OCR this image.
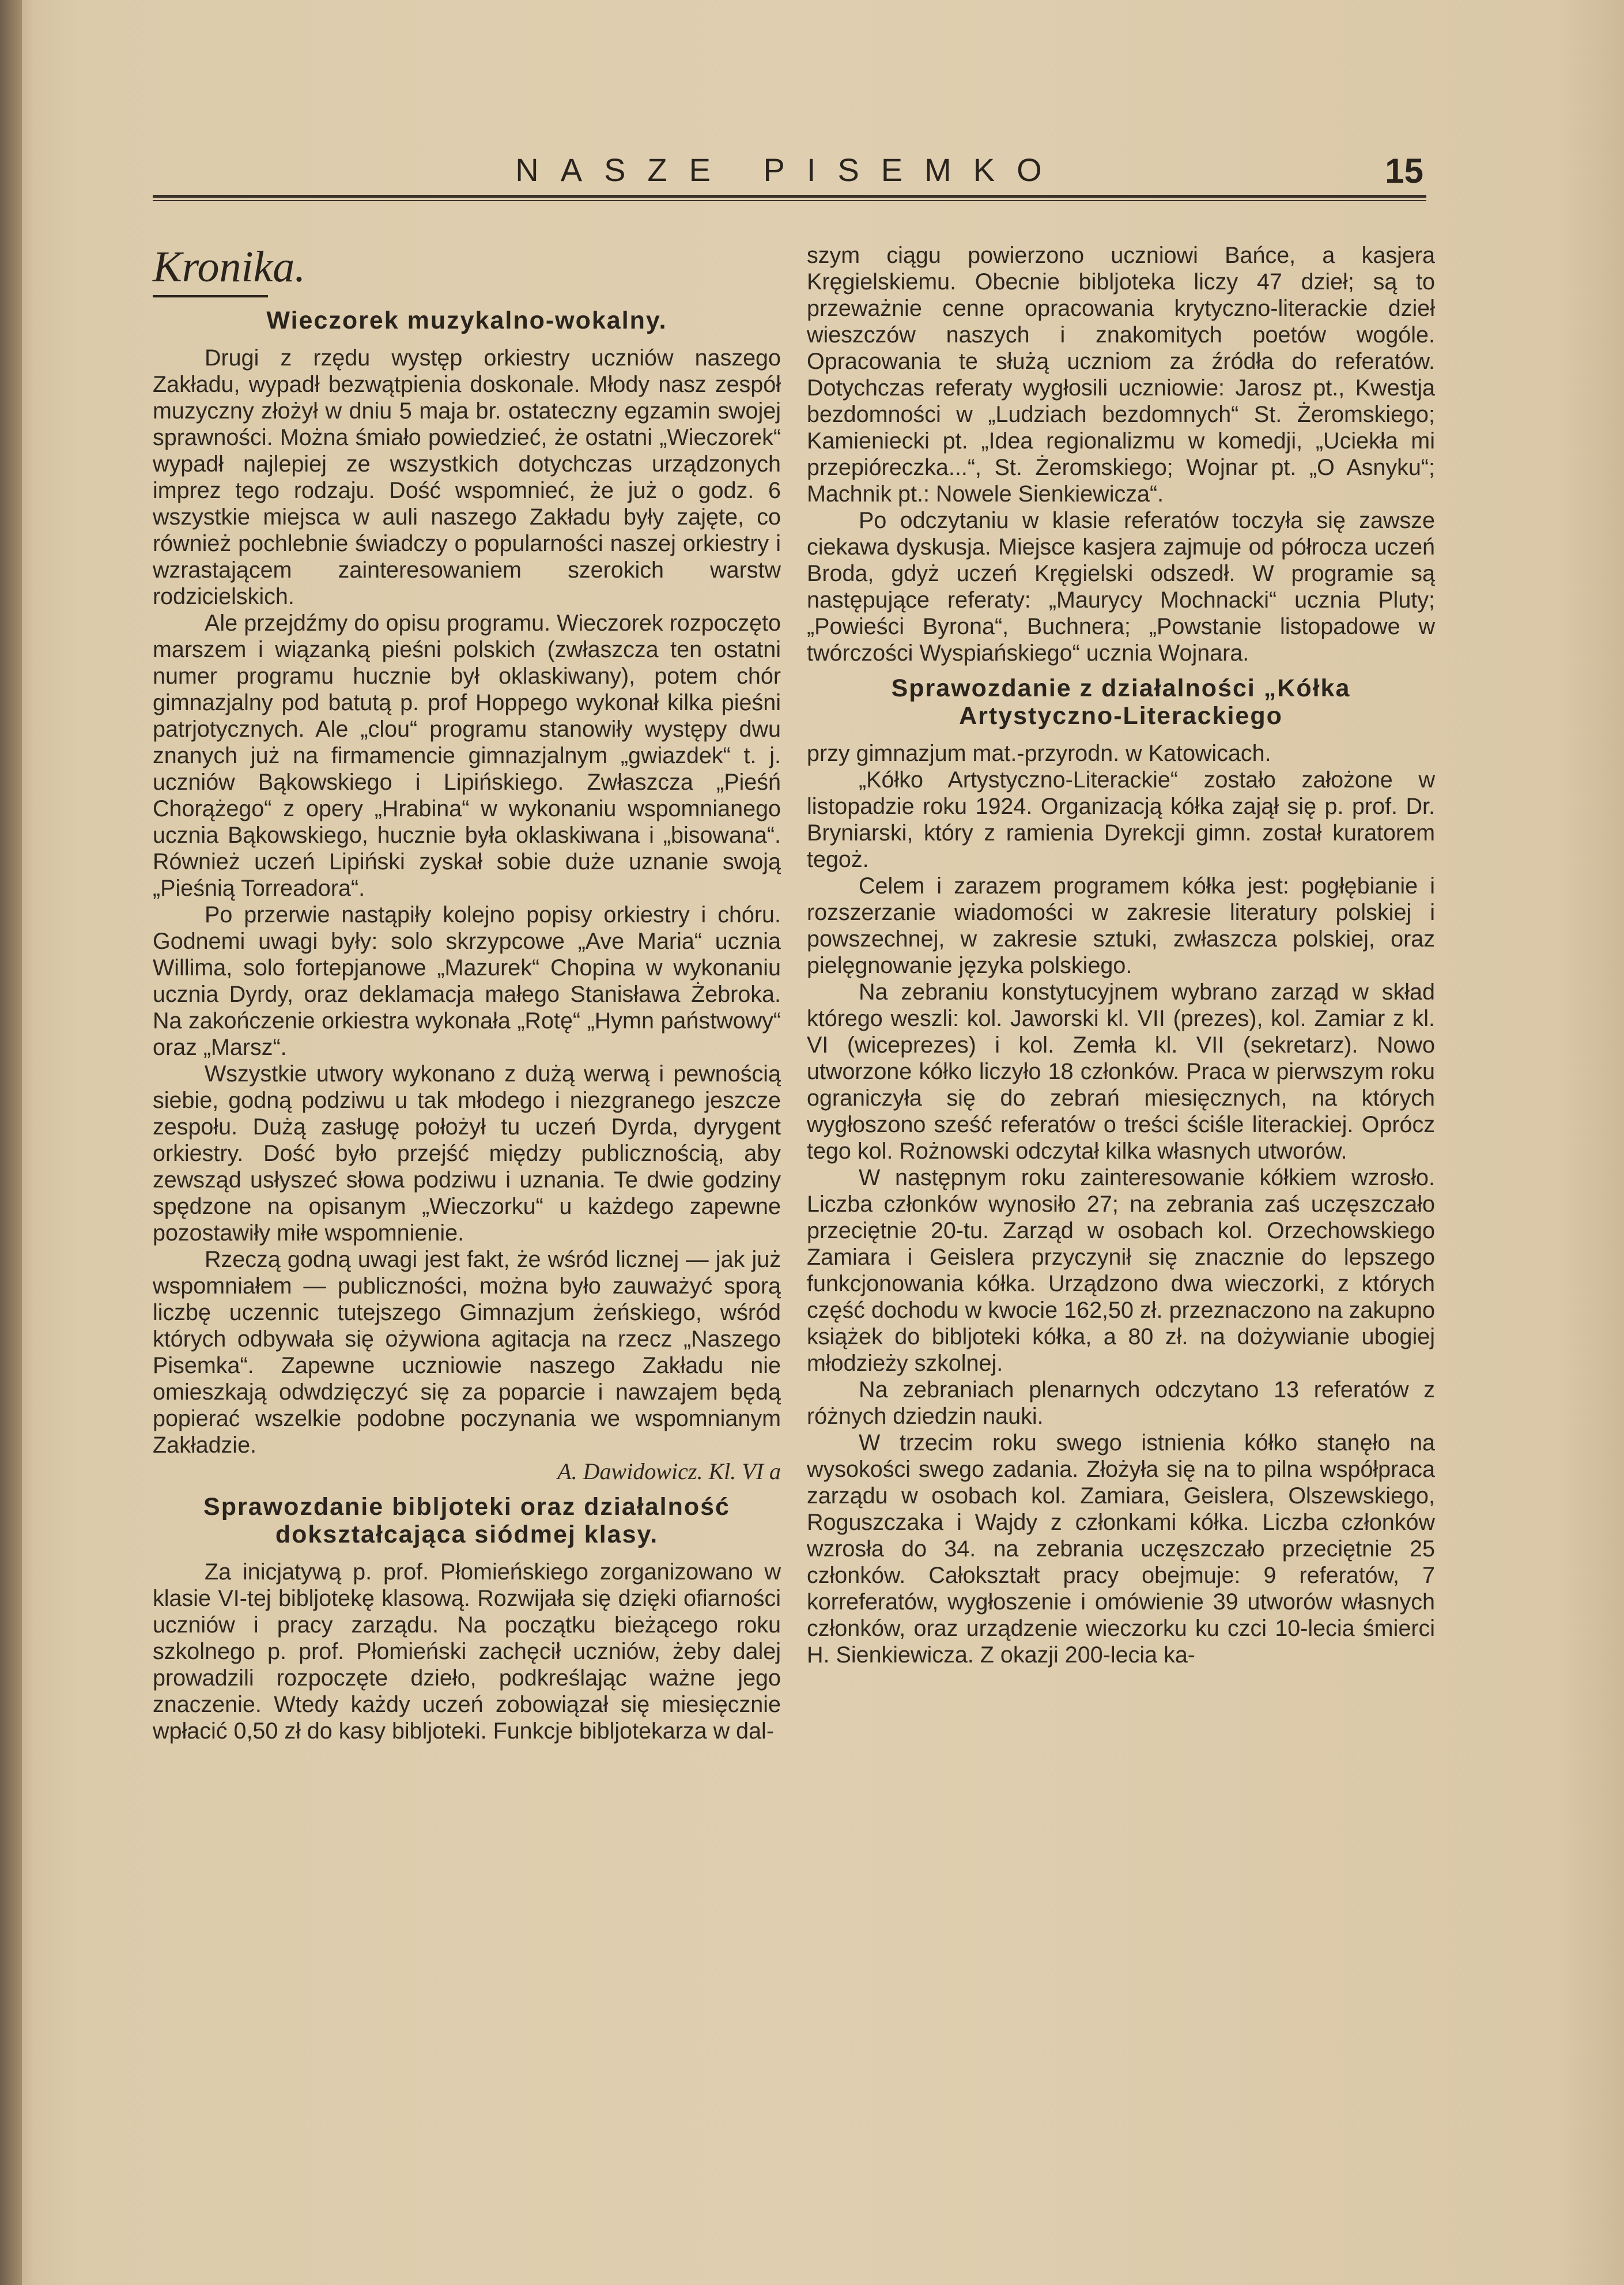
NASZE PISEMKO	15
Kronika.
Wieczorek muzykalno-wokalny.

Drugi z rzędu występ orkiestry uczniów naszego Zakładu, wypadł bezwątpienia doskonale. Młody nasz zespół muzyczny złożył w dniu 5 maja br. ostateczny egzamin swojej sprawności. Można śmiało powiedzieć, że ostatni „Wieczorek“ wypadł najlepiej ze wszystkich dotychczas urządzonych imprez tego rodzaju. Dość wspomnieć, że już o godz. 6 wszystkie miejsca w auli naszego Zakładu były zajęte, co również pochlebnie świadczy o popularności naszej orkiestry i wzrastającem zainteresowaniem szerokich warstw rodzicielskich.

Ale przejdźmy do opisu programu. Wieczorek rozpoczęto marszem i wiązanką pieśni polskich (zwłaszcza ten ostatni numer programu hucznie był oklaskiwany), potem chór gimnazjalny pod batutą p. prof Hoppego wykonał kilka pieśni patrjotycznych. Ale „clou“ programu stanowiły występy dwu znanych już na firmamencie gimnazjalnym „gwiazdek“ t. j. uczniów Bąkowskiego i Lipińskiego. Zwłaszcza „Pieśń Chorążego“ z opery „Hrabina“ w wykonaniu wspomnianego ucznia Bąkowskiego, hucznie była oklaskiwana i „bisowana“. Również uczeń Lipiński zyskał sobie duże uznanie swoją „Pieśnią Torreadora“.

Po przerwie nastąpiły kolejno popisy orkiestry i chóru. Godnemi uwagi były: solo skrzypcowe „Ave Maria“ ucznia Willima, solo fortepjanowe „Mazurek“ Chopina w wykonaniu ucznia Dyrdy, oraz deklamacja małego Stanisława Żebroka. Na zakończenie orkiestra wykonała „Rotę“ „Hymn państwowy“ oraz „Marsz“.

Wszystkie utwory wykonano z dużą werwą i pewnością siebie, godną podziwu u tak młodego i niezgranego jeszcze zespołu. Dużą zasługę położył tu uczeń Dyrda, dyrygent orkiestry. Dość było przejść między publicznością, aby zewsząd usłyszeć słowa podziwu i uznania. Te dwie godziny spędzone na opisanym „Wieczorku“ u każdego zapewne pozostawiły miłe wspomnienie.

Rzeczą godną uwagi jest fakt, że wśród licznej — jak już wspomniałem — publiczności, można było zauważyć sporą liczbę uczennic tutejszego Gimnazjum żeńskiego, wśród których odbywała się ożywiona agitacja na rzecz „Naszego Pisemka“. Zapewne uczniowie naszego Zakładu nie omieszkają odwdzięczyć się za poparcie i nawzajem będą popierać wszelkie podobne poczynania we wspomnianym Zakładzie.

A. Dawidowicz. Kl. VI a

Sprawozdanie bibljoteki oraz działalność dokształcająca siódmej klasy.

Za inicjatywą p. prof. Płomieńskiego zorganizowano w klasie VI-tej bibljotekę klasową. Rozwijała się dzięki ofiarności uczniów i pracy zarządu. Na początku bieżącego roku szkolnego p. prof. Płomieński zachęcił uczniów, żeby dalej prowadzili rozpoczęte dzieło, podkreślając ważne jego znaczenie. Wtedy każdy uczeń zobowiązał się miesięcznie wpłacić 0,50 zł do kasy bibljoteki. Funkcje bibljotekarza w dal-

szym ciągu powierzono uczniowi Bańce, a kasjera Kręgielskiemu. Obecnie bibljoteka liczy 47 dzieł; są to przeważnie cenne opracowania krytyczno-literackie dzieł wieszczów naszych i znakomitych poetów wogóle. Opracowania te służą uczniom za źródła do referatów. Dotychczas referaty wygłosili uczniowie: Jarosz pt., Kwestja bezdomności w „Ludziach bezdomnych“ St. Żeromskiego; Kamieniecki pt. „Idea regionalizmu w komedji, „Uciekła mi przepióreczka...“, St. Żeromskiego; Wojnar pt. „O Asnyku“; Machnik pt.: Nowele Sienkiewicza“.

Po odczytaniu w klasie referatów toczyła się zawsze ciekawa dyskusja. Miejsce kasjera zajmuje od półrocza uczeń Broda, gdyż uczeń Kręgielski odszedł. W programie są następujące referaty: „Maurycy Mochnacki“ ucznia Pluty; „Powieści Byrona“, Buchnera; „Powstanie listopadowe w twórczości Wyspiańskiego“ ucznia Wojnara.

Sprawozdanie z działalności „Kółka Artystyczno-Literackiego

przy gimnazjum mat.-przyrodn. w Katowicach.

„Kółko Artystyczno-Literackie“ zostało założone w listopadzie roku 1924. Organizacją kółka zajął się p. prof. Dr. Bryniarski, który z ramienia Dyrekcji gimn. został kuratorem tegoż.

Celem i zarazem programem kółka jest: pogłębianie i rozszerzanie wiadomości w zakresie literatury polskiej i powszechnej, w zakresie sztuki, zwłaszcza polskiej, oraz pielęgnowanie języka polskiego.

Na zebraniu konstytucyjnem wybrano zarząd w skład którego weszli: kol. Jaworski kl. VII (prezes), kol. Zamiar z kl. VI (wiceprezes) i kol. Zemła kl. VII (sekretarz). Nowo utworzone kółko liczyło 18 członków. Praca w pierwszym roku ograniczyła się do zebrań miesięcznych, na których wygłoszono sześć referatów o treści ściśle literackiej. Oprócz tego kol. Rożnowski odczytał kilka własnych utworów.

W następnym roku zainteresowanie kółkiem wzrosło. Liczba członków wynosiło 27; na zebrania zaś uczęszczało przeciętnie 20-tu. Zarząd w osobach kol. Orzechowskiego Zamiara i Geislera przyczynił się znacznie do lepszego funkcjonowania kółka. Urządzono dwa wieczorki, z których część dochodu w kwocie 162,50 zł. przeznaczono na zakupno książek do bibljoteki kółka, a 80 zł. na dożywianie ubogiej młodzieży szkolnej.

Na zebraniach plenarnych odczytano 13 referatów z różnych dziedzin nauki.

W trzecim roku swego istnienia kółko stanęło na wysokości swego zadania. Złożyła się na to pilna współpraca zarządu w osobach kol. Zamiara, Geislera, Olszewskiego, Roguszczaka i Wajdy z członkami kółka. Liczba członków wzrosła do 34. na zebrania uczęszczało przeciętnie 25 członków. Całokształt pracy obejmuje: 9 referatów, 7 korreferatów, wygłoszenie i omówienie 39 utworów własnych członków, oraz urządzenie wieczorku ku czci 10-lecia śmierci H. Sienkiewicza. Z okazji 200-lecia ka-
